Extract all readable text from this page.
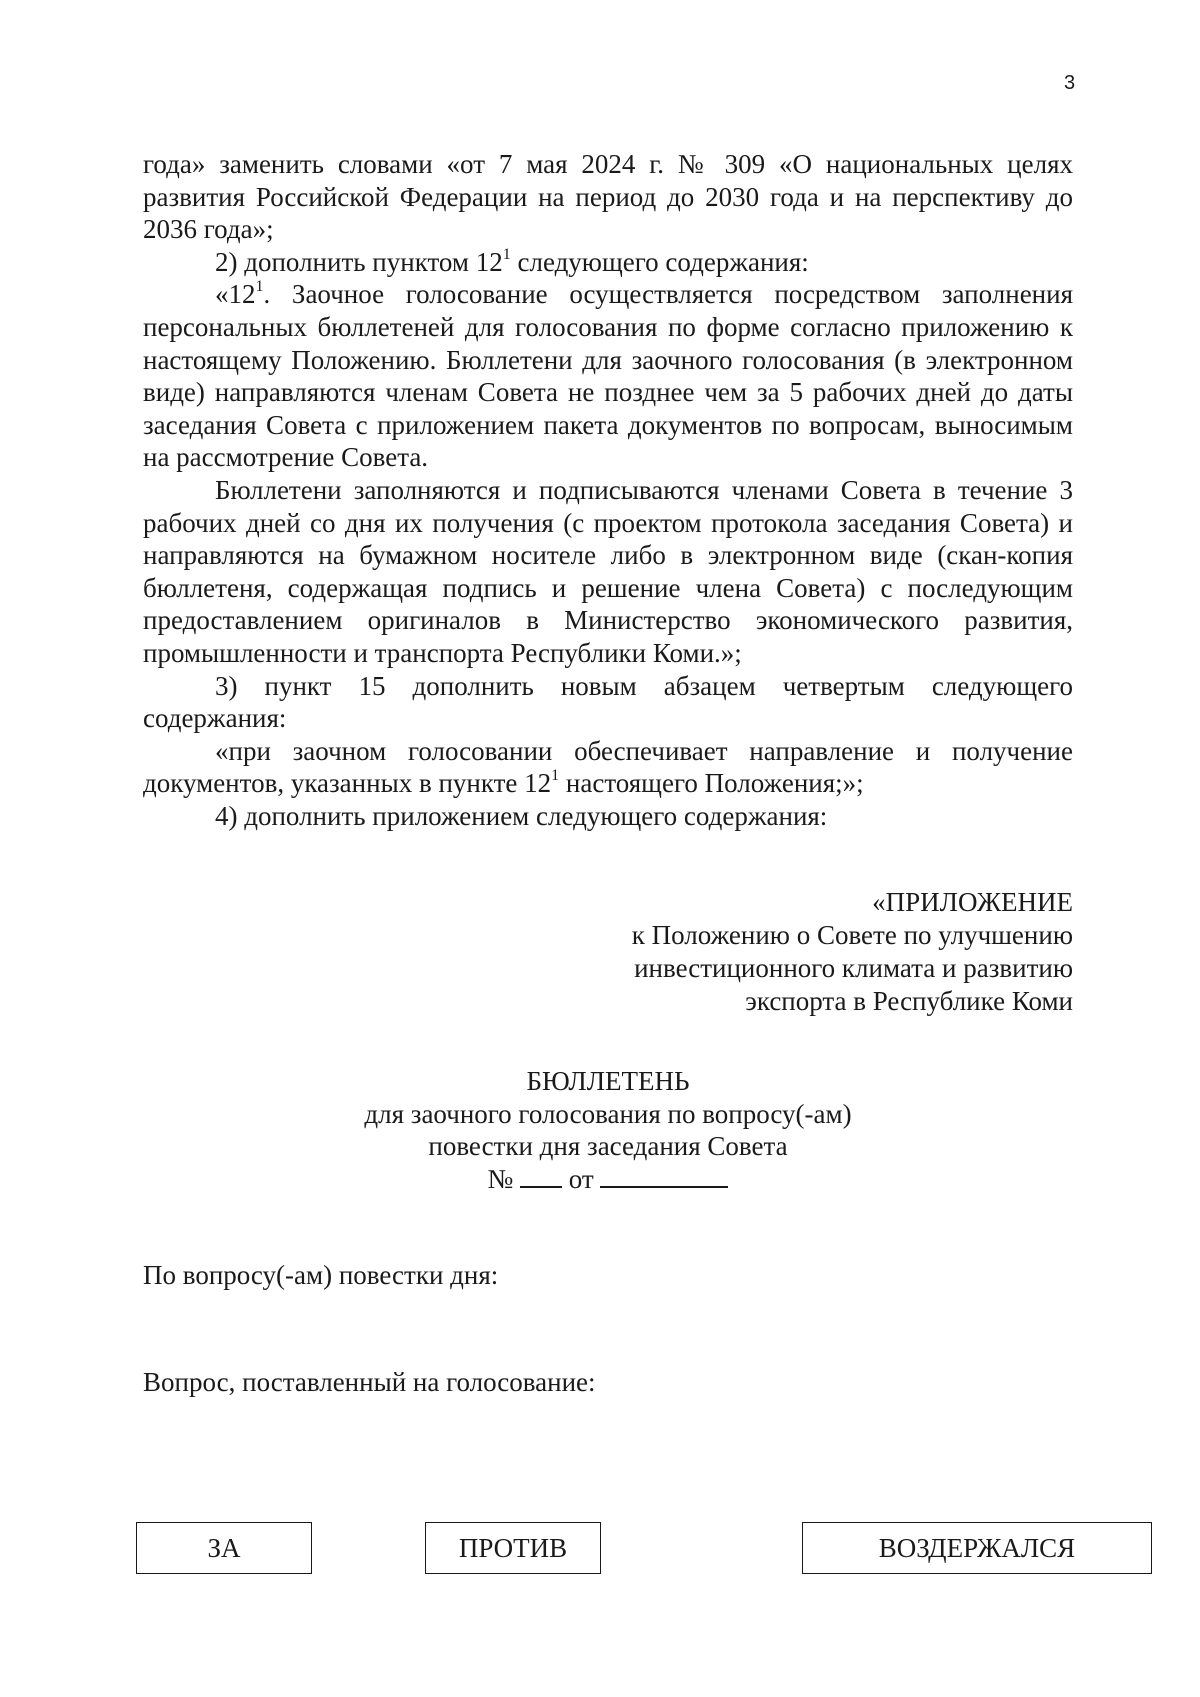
3

года» заменить словами «от 7 мая 2024 г. № 309 «О национальных целях развития Российской Федерации на период до 2030 года и на перспективу до 2036 года»;

2) дополнить пунктом $12^1$ следующего содержания:

«$12^1$. Заочное голосование осуществляется посредством заполнения персональных бюллетеней для голосования по форме согласно приложению к настоящему Положению. Бюллетени для заочного голосования (в электронном виде) направляются членам Совета не позднее чем за 5 рабочих дней до даты заседания Совета с приложением пакета документов по вопросам, выносимым на рассмотрение Совета.

Бюллетени заполняются и подписываются членами Совета в течение 3 рабочих дней со дня их получения (с проектом протокола заседания Совета) и направляются на бумажном носителе либо в электронном виде (скан-копия бюллетеня, содержащая подпись и решение члена Совета) с последующим предоставлением оригиналов в Министерство экономического развития, промышленности и транспорта Республики Коми.»;

3) пункт 15 дополнить новым абзацем четвертым следующего содержания:

«при заочном голосовании обеспечивает направление и получение документов, указанных в пункте $12^1$ настоящего Положения;»;

4) дополнить приложением следующего содержания:

«ПРИЛОЖЕНИЕ
к Положению о Совете по улучшению
инвестиционного климата и развитию
экспорта в Республике Коми
БЮЛЛЕТЕНЬ
для заочного голосования по вопросу(-ам)
повестки дня заседания Совета
№ от
По вопросу(-ам) повестки дня:
Вопрос, поставленный на голосование:
ЗА	ПРОТИВ	ВОЗДЕРЖАЛСЯ
